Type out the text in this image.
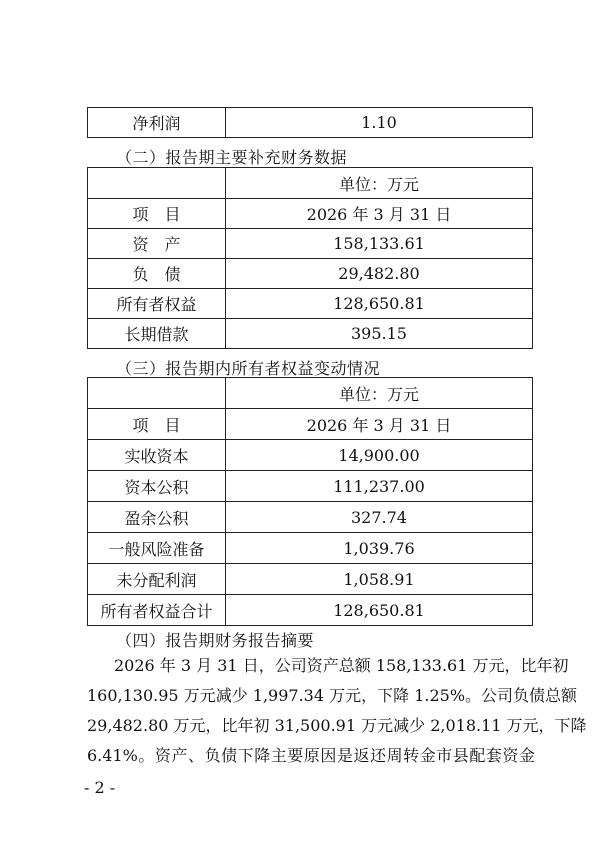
净利润	1.10
（二）报告期主要补充财务数据
	单位：万元
项　目	2026 年 3 月 31 日
资　产	158,133.61
负　债	29,482.80
所有者权益	128,650.81
长期借款	395.15
（三）报告期内所有者权益变动情况
	单位：万元
项　目	2026 年 3 月 31 日
实收资本	14,900.00
资本公积	111,237.00
盈余公积	327.74
一般风险准备	1,039.76
未分配利润	1,058.91
所有者权益合计	128,650.81
（四）报告期财务报告摘要
2026 年 3 月 31 日，公司资产总额 158,133.61 万元，比年初
160,130.95 万元减少 1,997.34 万元，下降 1.25%。公司负债总额
29,482.80 万元，比年初 31,500.91 万元减少 2,018.11 万元，下降
6.41%。资产、负债下降主要原因是返还周转金市县配套资金
- 2 -
